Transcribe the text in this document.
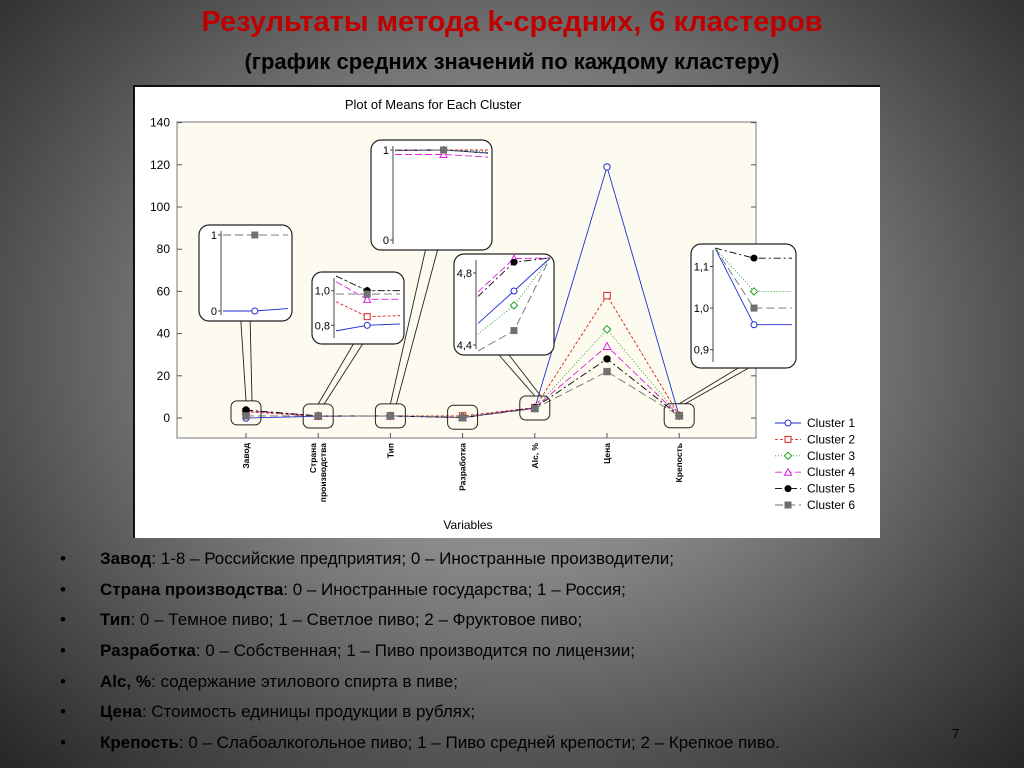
Результаты метода k-средних, 6 кластеров
(график средних значений по каждому кластеру)
Plot of Means for Each Cluster
0
20
40
60
80
100
120
140
Завод	Страна производства	Тип	Разработка	Alc, %	Цена	Крепость
Variables
1
0
1,0
0,8
1
0
4,8
4,4
1,1
1,0
0,9
Cluster 1
Cluster 2
Cluster 3
Cluster 4
Cluster 5
Cluster 6
• Завод: 1-8 – Российские предприятия; 0 – Иностранные производители;
• Страна производства: 0 – Иностранные государства; 1 – Россия;
• Тип: 0 – Темное пиво; 1 – Светлое пиво; 2 – Фруктовое пиво;
• Разработка: 0 – Собственная; 1 – Пиво производится по лицензии;
• Alc, %: содержание этилового спирта в пиве;
• Цена: Стоимость единицы продукции в рублях;
• Крепость: 0 – Слабоалкогольное пиво; 1 – Пиво средней крепости; 2 – Крепкое пиво.	7
